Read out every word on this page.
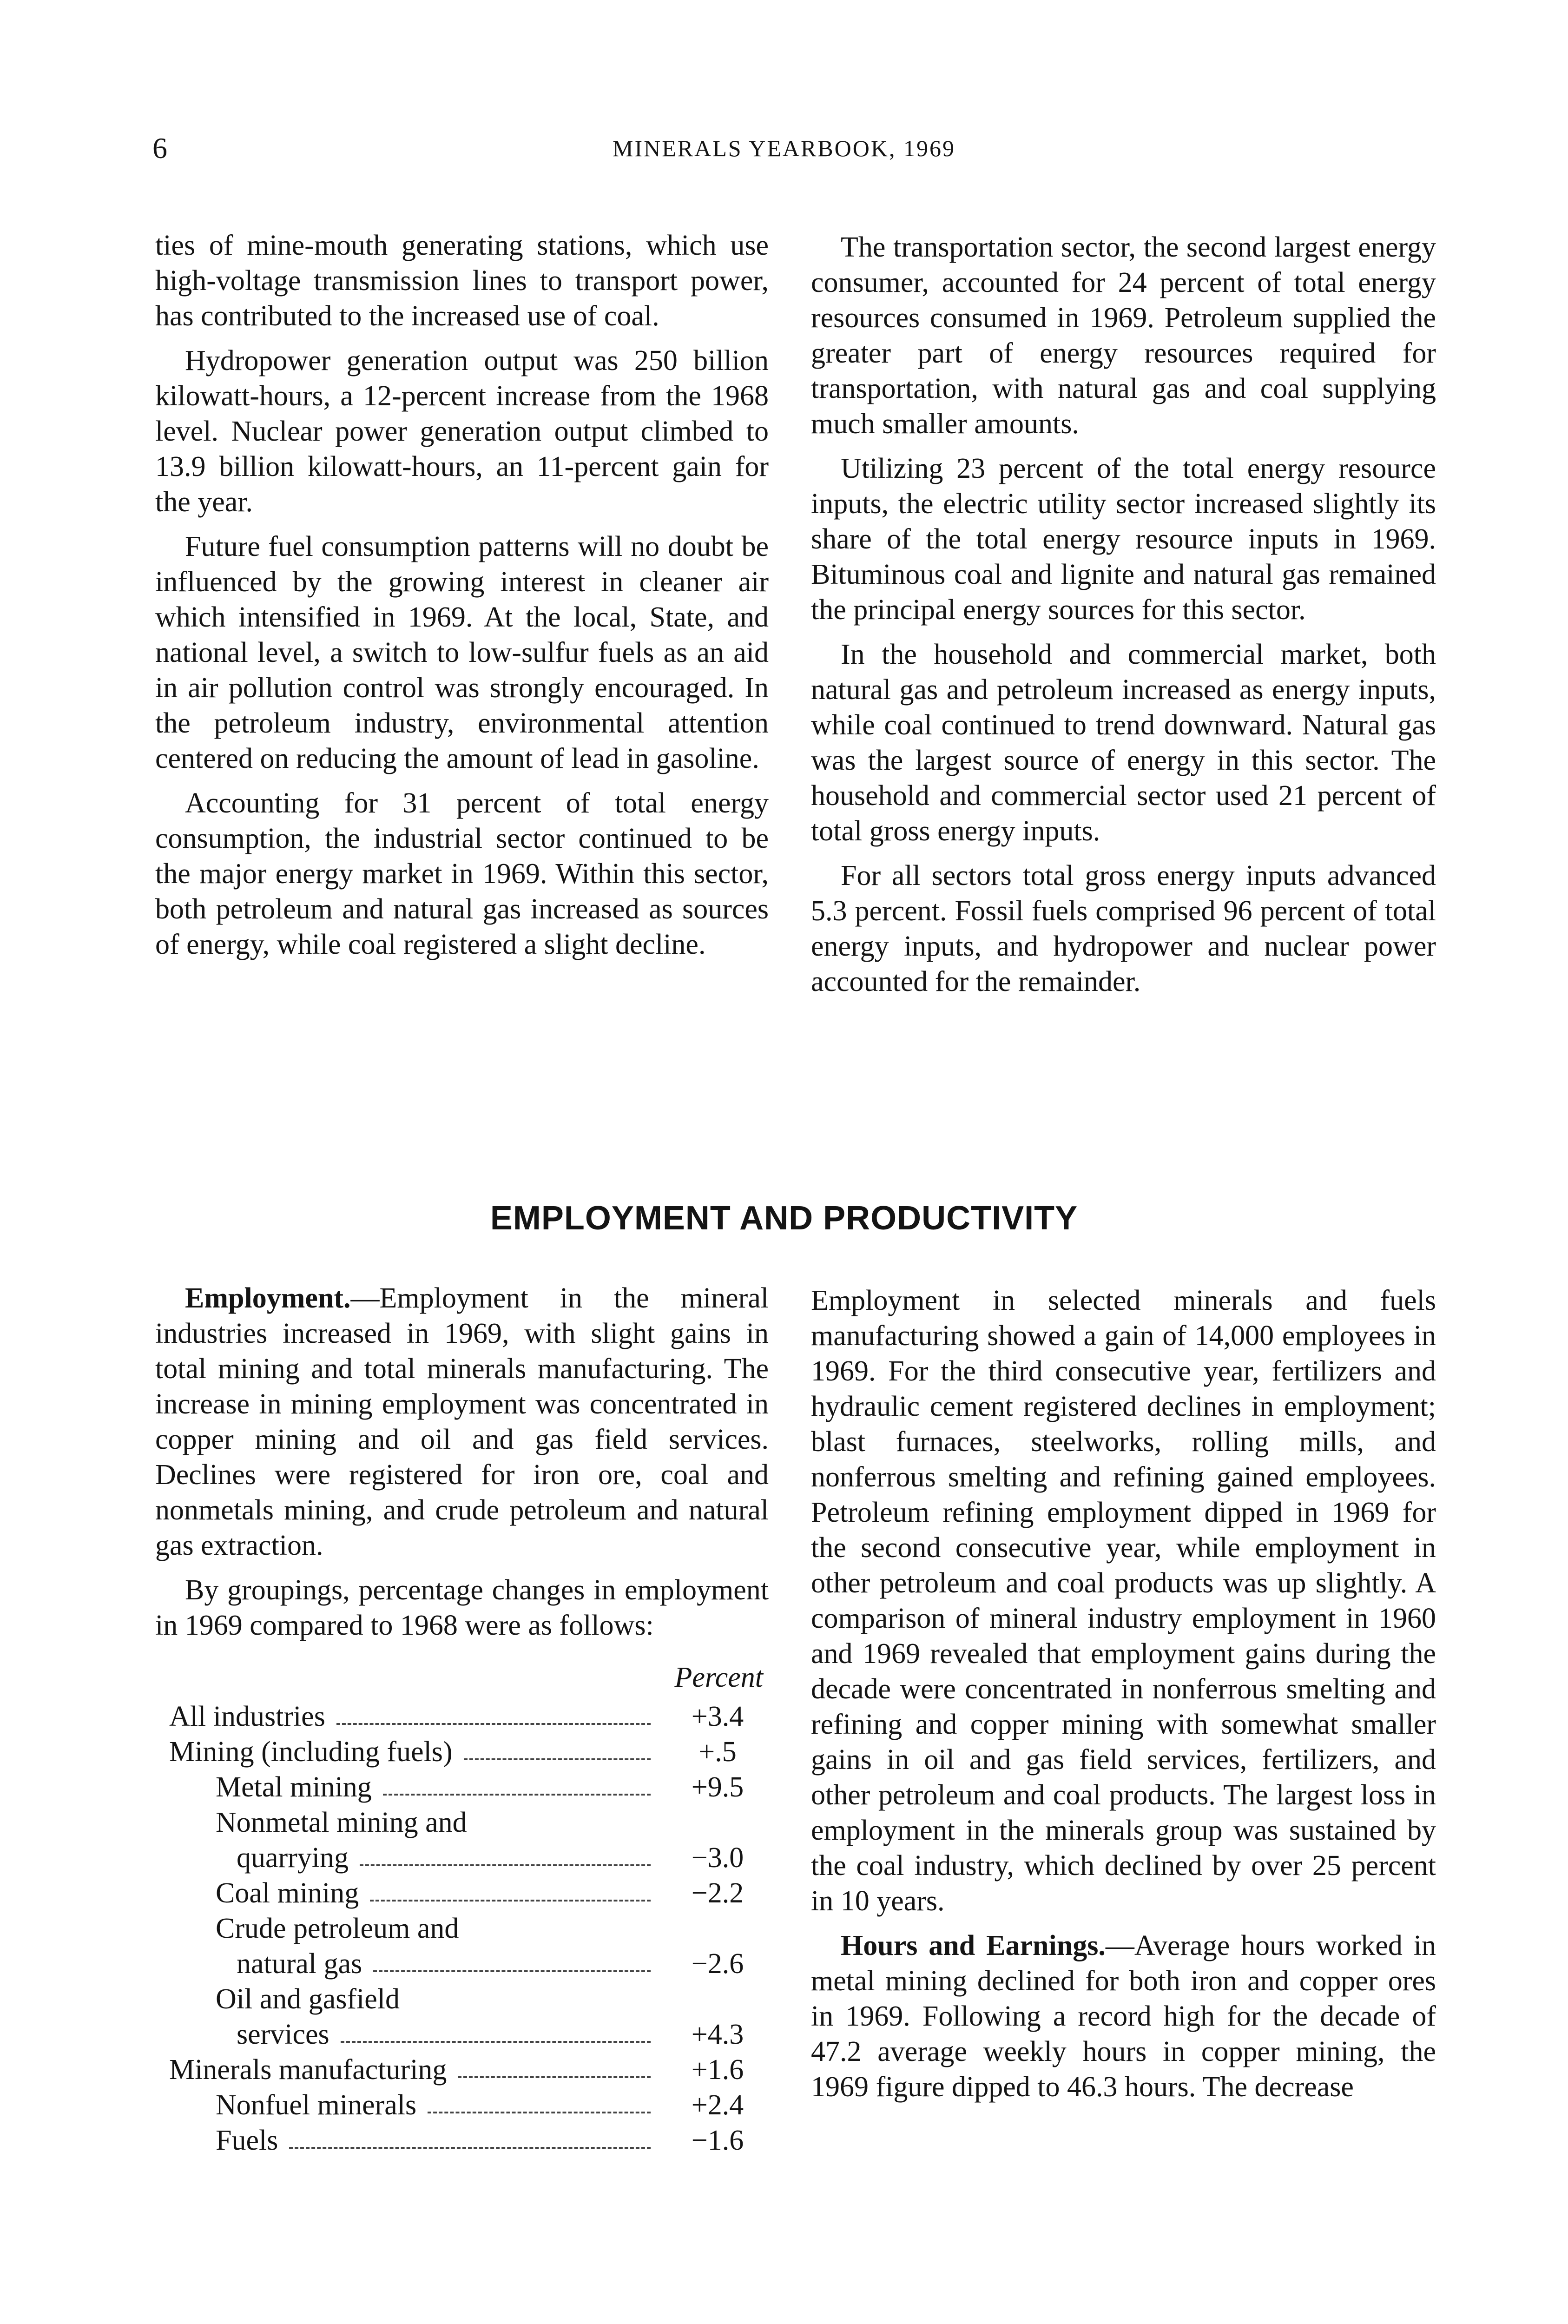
6	MINERALS YEARBOOK, 1969

ties of mine-mouth generating stations, which use high-voltage transmission lines to transport power, has contributed to the increased use of coal.

Hydropower generation output was 250 billion kilowatt-hours, a 12-percent increase from the 1968 level. Nuclear power generation output climbed to 13.9 billion kilowatt-hours, an 11-percent gain for the year.

Future fuel consumption patterns will no doubt be influenced by the growing interest in cleaner air which intensified in 1969. At the local, State, and national level, a switch to low-sulfur fuels as an aid in air pollution control was strongly encouraged. In the petroleum industry, environmental attention centered on reducing the amount of lead in gasoline.

Accounting for 31 percent of total energy consumption, the industrial sector continued to be the major energy market in 1969. Within this sector, both petroleum and natural gas increased as sources of energy, while coal registered a slight decline.

The transportation sector, the second largest energy consumer, accounted for 24 percent of total energy resources consumed in 1969. Petroleum supplied the greater part of energy resources required for transportation, with natural gas and coal supplying much smaller amounts.

Utilizing 23 percent of the total energy resource inputs, the electric utility sector increased slightly its share of the total energy resource inputs in 1969. Bituminous coal and lignite and natural gas remained the principal energy sources for this sector.

In the household and commercial market, both natural gas and petroleum increased as energy inputs, while coal continued to trend downward. Natural gas was the largest source of energy in this sector. The household and commercial sector used 21 percent of total gross energy inputs.

For all sectors total gross energy inputs advanced 5.3 percent. Fossil fuels comprised 96 percent of total energy inputs, and hydropower and nuclear power accounted for the remainder.

EMPLOYMENT AND PRODUCTIVITY

Employment.—Employment in the mineral industries increased in 1969, with slight gains in total mining and total minerals manufacturing. The increase in mining employment was concentrated in copper mining and oil and gas field services. Declines were registered for iron ore, coal and nonmetals mining, and crude petroleum and natural gas extraction.

By groupings, percentage changes in employment in 1969 compared to 1968 were as follows:

Percent
All industries	+3.4
Mining (including fuels)	+.5
Metal mining	+9.5
Nonmetal mining and
quarrying	−3.0
Coal mining	−2.2
Crude petroleum and
natural gas	−2.6
Oil and gasfield
services	+4.3
Minerals manufacturing	+1.6
Nonfuel minerals	+2.4
Fuels	−1.6

Employment in selected minerals and fuels manufacturing showed a gain of 14,000 employees in 1969. For the third consecutive year, fertilizers and hydraulic cement registered declines in employment; blast furnaces, steelworks, rolling mills, and nonferrous smelting and refining gained employees. Petroleum refining employment dipped in 1969 for the second consecutive year, while employment in other petroleum and coal products was up slightly. A comparison of mineral industry employment in 1960 and 1969 revealed that employment gains during the decade were concentrated in nonferrous smelting and refining and copper mining with somewhat smaller gains in oil and gas field services, fertilizers, and other petroleum and coal products. The largest loss in employment in the minerals group was sustained by the coal industry, which declined by over 25 percent in 10 years.

Hours and Earnings.—Average hours worked in metal mining declined for both iron and copper ores in 1969. Following a record high for the decade of 47.2 average weekly hours in copper mining, the 1969 figure dipped to 46.3 hours. The decrease
